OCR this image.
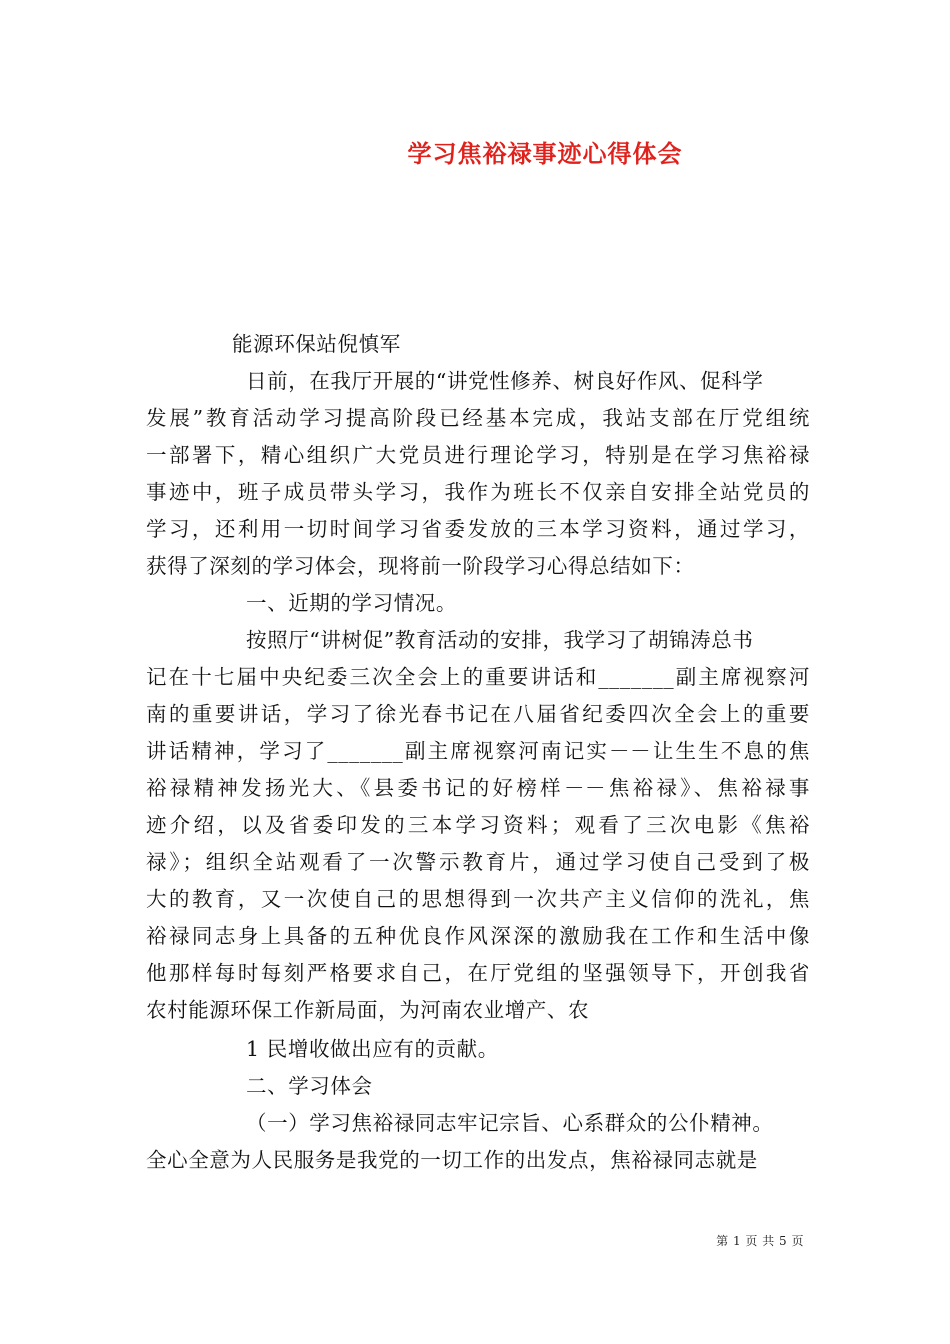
学习焦裕禄事迹心得体会
能源环保站倪慎军
日前，在我厅开展的“讲党性修养、树良好作风、促科学
发展”教育活动学习提高阶段已经基本完成，我站支部在厅党组统
一部署下，精心组织广大党员进行理论学习，特别是在学习焦裕禄
事迹中，班子成员带头学习，我作为班长不仅亲自安排全站党员的
学习，还利用一切时间学习省委发放的三本学习资料，通过学习，
获得了深刻的学习体会，现将前一阶段学习心得总结如下：
一、近期的学习情况。
按照厅“讲树促”教育活动的安排，我学习了胡锦涛总书
记在十七届中央纪委三次全会上的重要讲话和_______副主席视察河
南的重要讲话，学习了徐光春书记在八届省纪委四次全会上的重要
讲话精神，学习了_______副主席视察河南记实－－让生生不息的焦
裕禄精神发扬光大、《县委书记的好榜样－－焦裕禄》、焦裕禄事
迹介绍，以及省委印发的三本学习资料；观看了三次电影《焦裕
禄》；组织全站观看了一次警示教育片，通过学习使自己受到了极
大的教育，又一次使自己的思想得到一次共产主义信仰的洗礼，焦
裕禄同志身上具备的五种优良作风深深的激励我在工作和生活中像
他那样每时每刻严格要求自己，在厅党组的坚强领导下，开创我省
农村能源环保工作新局面，为河南农业增产、农
1 民增收做出应有的贡献。
二、学习体会
（一）学习焦裕禄同志牢记宗旨、心系群众的公仆精神。
全心全意为人民服务是我党的一切工作的出发点，焦裕禄同志就是
第 1 页 共 5 页
